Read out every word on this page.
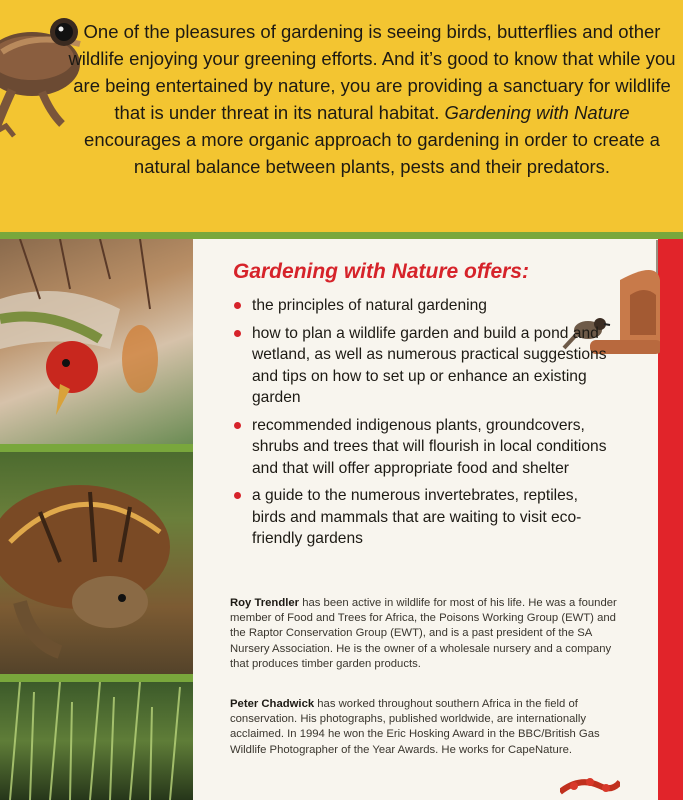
One of the pleasures of gardening is seeing birds, butterflies and other wildlife enjoying your greening efforts. And it’s good to know that while you are being entertained by nature, you are providing a sanctuary for wildlife that is under threat in its natural habitat. Gardening with Nature encourages a more organic approach to gardening in order to create a natural balance between plants, pests and their predators.

Gardening with Nature offers:
the principles of natural gardening
how to plan a wildlife garden and build a pond and wetland, as well as numerous practical suggestions and tips on how to set up or enhance an existing garden
recommended indigenous plants, groundcovers, shrubs and trees that will flourish in local conditions and that will offer appropriate food and shelter
a guide to the numerous invertebrates, reptiles, birds and mammals that are waiting to visit eco-friendly gardens

Roy Trendler has been active in wildlife for most of his life. He was a founder member of Food and Trees for Africa, the Poisons Working Group (EWT) and the Raptor Conservation Group (EWT), and is a past president of the SA Nursery Association. He is the owner of a wholesale nursery and a company that produces timber garden products.

Peter Chadwick has worked throughout southern Africa in the field of conservation. His photographs, published worldwide, are internationally acclaimed. In 1994 he won the Eric Hosking Award in the BBC/British Gas Wildlife Photographer of the Year Awards. He works for CapeNature.
